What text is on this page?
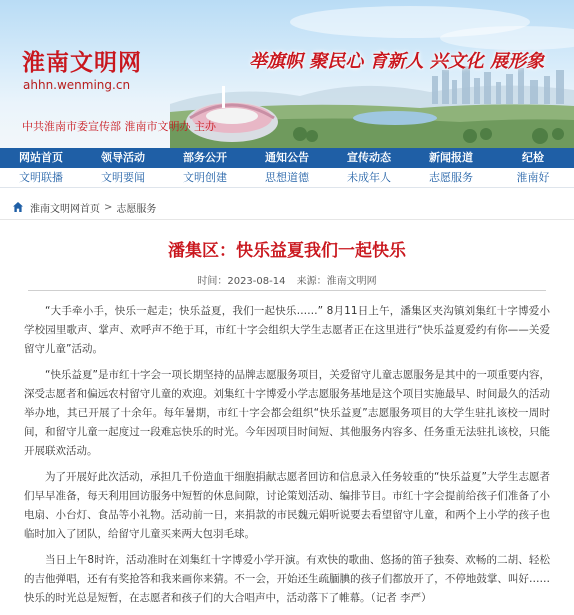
淮南文明网
ahhn.wenming.cn
举旗帜 聚民心 育新人 兴文化 展形象
中共淮南市委宣传部 淮南市文明办 主办
网站首页	领导活动	部务公开	通知公告	宣传动态	新闻报道	纪检
文明联播	文明要闻	文明创建	思想道德	未成年人	志愿服务	淮南好
淮南文明网首页 > 志愿服务
潘集区：快乐益夏我们一起快乐
时间：2023-08-14 来源：淮南文明网

“大手牵小手，快乐一起走；快乐益夏，我们一起快乐……” 8月11日上午，潘集区夹沟镇刘集红十字博爱小学校园里歌声、掌声、欢呼声不绝于耳，市红十字会组织大学生志愿者正在这里进行“快乐益夏爱约有你——关爱留守儿童”活动。

“快乐益夏”是市红十字会一项长期坚持的品牌志愿服务项目，关爱留守儿童志愿服务是其中的一项重要内容，深受志愿者和偏远农村留守儿童的欢迎。刘集红十字博爱小学志愿服务基地是这个项目实施最早、时间最久的活动举办地，其已开展了十余年。每年暑期，市红十字会都会组织“快乐益夏”志愿服务项目的大学生驻扎该校一周时间，和留守儿童一起度过一段难忘快乐的时光。今年因项目时间短、其他服务内容多、任务重无法驻扎该校，只能开展联欢活动。

为了开展好此次活动，承担几千份造血干细胞捐献志愿者回访和信息录入任务较重的“快乐益夏”大学生志愿者们早早准备，每天利用回访服务中短暂的休息间隙，讨论策划活动、编排节目。市红十字会提前给孩子们准备了小电扇、小台灯、食品等小礼物。活动前一日，来捐款的市民魏元娟听说要去看望留守儿童，和两个上小学的孩子也临时加入了团队，给留守儿童买来两大包羽毛球。

当日上午8时许，活动准时在刘集红十字博爱小学开演。有欢快的歌曲、悠扬的笛子独奏、欢畅的二胡、轻松的吉他弹唱，还有有奖抢答和我来画你来猜。不一会，开始还生疏腼腆的孩子们都放开了，不停地鼓掌、叫好……快乐的时光总是短暂，在志愿者和孩子们的大合唱声中，活动落下了帷幕。（记者 李严）
